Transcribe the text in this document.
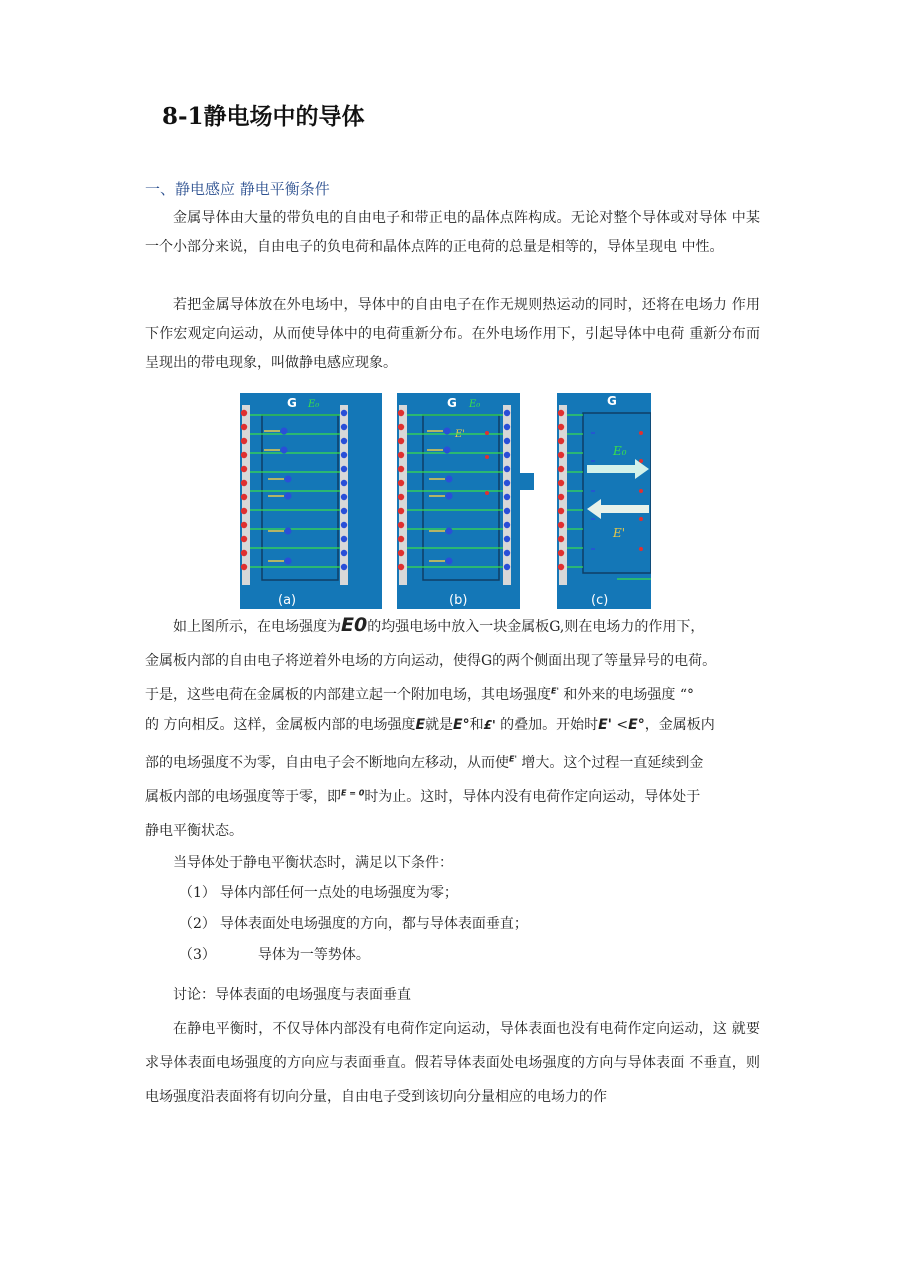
8-1静电场中的导体
一、静电感应 静电平衡条件
金属导体由大量的带负电的自由电子和带正电的晶体点阵构成。无论对整个导体或对导体 中某一个小部分来说，自由电子的负电荷和晶体点阵的正电荷的总量是相等的，导体呈现电 中性。
若把金属导体放在外电场中，导体中的自由电子在作无规则热运动的同时，还将在电场力 作用下作宏观定向运动，从而使导体中的电荷重新分布。在外电场作用下，引起导体中电荷 重新分布而呈现出的带电现象，叫做静电感应现象。
G E₀
(a)
G E₀
E'
(b)
G
E₀
E'
(c)
如上图所示，在电场强度为E0的均强电场中放入一块金属板G,则在电场力的作用下，
金属板内部的自由电子将逆着外电场的方向运动，使得G的两个侧面出现了等量异号的电荷。
于是，这些电荷在金属板的内部建立起一个附加电场，其电场强度$^{E'}$ 和外来的电场强度 “°
的 方向相反。这样，金属板内部的电场强度E就是E°和£' 的叠加。开始时E' <E°，金属板内
部的电场强度不为零，自由电子会不断地向左移动，从而使$^{E'}$ 增大。这个过程一直延续到金
属板内部的电场强度等于零，即$^{E = 0}$时为止。这时，导体内没有电荷作定向运动，导体处于
静电平衡状态。
当导体处于静电平衡状态时，满足以下条件：
（1） 导体内部任何一点处的电场强度为零；
（2） 导体表面处电场强度的方向，都与导体表面垂直；
（3）	导体为一等势体。
讨论：导体表面的电场强度与表面垂直
在静电平衡时，不仅导体内部没有电荷作定向运动，导体表面也没有电荷作定向运动，这 就要求导体表面电场强度的方向应与表面垂直。假若导体表面处电场强度的方向与导体表面 不垂直，则电场强度沿表面将有切向分量，自由电子受到该切向分量相应的电场力的作
